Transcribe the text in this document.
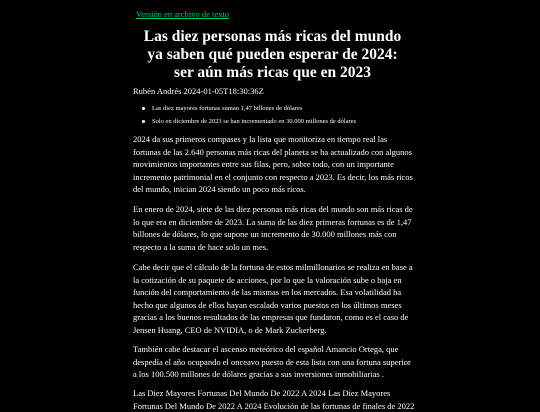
Versión en archivo de texto
Las diez personas más ricas del mundo ya saben qué pueden esperar de 2024: ser aún más ricas que en 2023
Rubén Andrés 2024-01-05T18:30:36Z
Las diez mayores fortunas suman 1,47 billones de dólares
Solo en diciembre de 2023 se han incrementado en 30.000 millones de dólares

2024 da sus primeros compases y la lista que monitoriza en tiempo real las fortunas de las 2.640 personas más ricas del planeta se ha actualizado con algunos movimientos importantes entre sus filas, pero, sobre todo, con un importante incremento patrimonial en el conjunto con respecto a 2023. Es decir, los más ricos del mundo, inician 2024 siendo un poco más ricos.

En enero de 2024, siete de las diez personas más ricas del mundo son más ricas de lo que era en diciembre de 2023. La suma de las diez primeras fortunas es de 1,47 billones de dólares, lo que supone un incremento de 30.000 millones más con respecto a la suma de hace solo un mes.

Cabe decir que el cálculo de la fortuna de estos milmillonarios se realiza en base a la cotización de su paquete de acciones, por lo que la valoración sube o baja en función del comportamiento de las mismas en los mercados. Esa volatilidad ha hecho que algunos de ellos hayan escalado varios puestos en los últimos meses gracias a los buenos resultados de las empresas que fundaron, como es el caso de Jensen Huang, CEO de NVIDIA, o de Mark Zuckerberg.

También cabe destacar el ascenso meteórico del español Amancio Ortega, que despedía el año ocupando el onceavo puesto de esta lista con una fortuna superior a los 100.500 millones de dólares gracias a sus inversiones inmobiliarias .

Las Diez Mayores Fortunas Del Mundo De 2022 A 2024 Las Diez Mayores Fortunas Del Mundo De 2022 A 2024 Evolución de las fortunas de finales de 2022
